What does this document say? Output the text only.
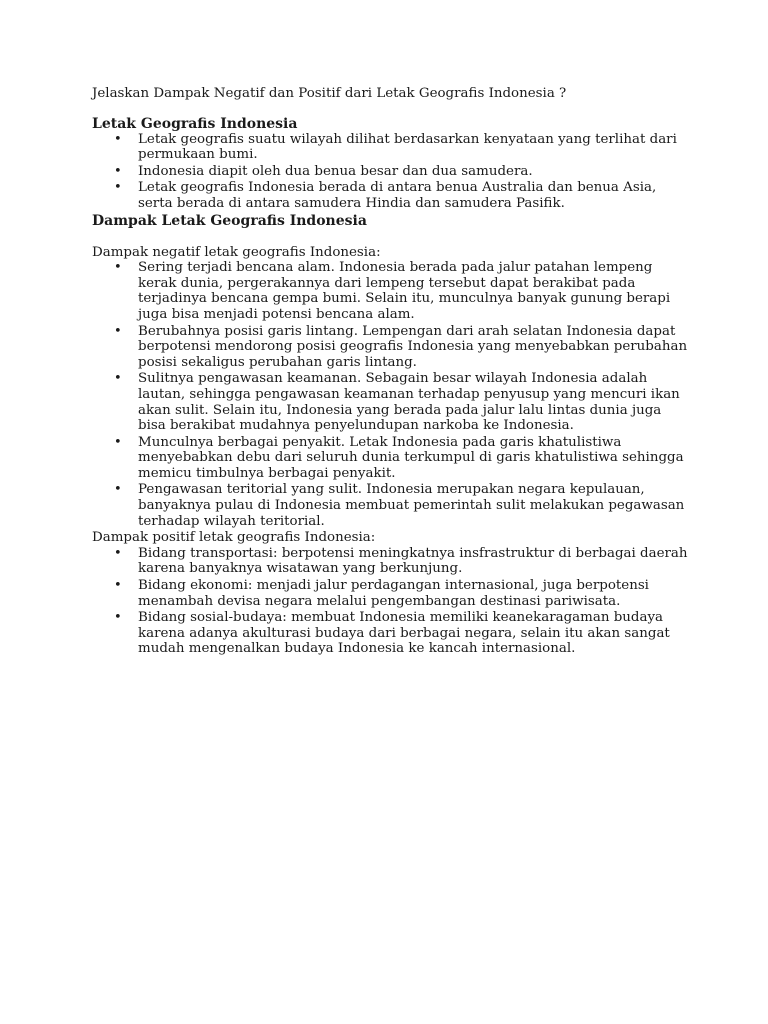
Jelaskan Dampak Negatif dan Positif dari Letak Geografis Indonesia ?

Letak Geografis Indonesia
• Letak geografis suatu wilayah dilihat berdasarkan kenyataan yang terlihat dari permukaan bumi.
• Indonesia diapit oleh dua benua besar dan dua samudera.
• Letak geografis Indonesia berada di antara benua Australia dan benua Asia, serta berada di antara samudera Hindia dan samudera Pasifik.
Dampak Letak Geografis Indonesia

Dampak negatif letak geografis Indonesia:

• Sering terjadi bencana alam. Indonesia berada pada jalur patahan lempeng kerak dunia, pergerakannya dari lempeng tersebut dapat berakibat pada terjadinya bencana gempa bumi. Selain itu, munculnya banyak gunung berapi juga bisa menjadi potensi bencana alam.
• Berubahnya posisi garis lintang. Lempengan dari arah selatan Indonesia dapat berpotensi mendorong posisi geografis Indonesia yang menyebabkan perubahan posisi sekaligus perubahan garis lintang.
• Sulitnya pengawasan keamanan. Sebagain besar wilayah Indonesia adalah lautan, sehingga pengawasan keamanan terhadap penyusup yang mencuri ikan akan sulit. Selain itu, Indonesia yang berada pada jalur lalu lintas dunia juga bisa berakibat mudahnya penyelundupan narkoba ke Indonesia.
• Munculnya berbagai penyakit. Letak Indonesia pada garis khatulistiwa menyebabkan debu dari seluruh dunia terkumpul di garis khatulistiwa sehingga memicu timbulnya berbagai penyakit.
• Pengawasan teritorial yang sulit. Indonesia merupakan negara kepulauan, banyaknya pulau di Indonesia membuat pemerintah sulit melakukan pegawasan terhadap wilayah teritorial.

Dampak positif letak geografis Indonesia:

• Bidang transportasi: berpotensi meningkatnya insfrastruktur di berbagai daerah karena banyaknya wisatawan yang berkunjung.
• Bidang ekonomi: menjadi jalur perdagangan internasional, juga berpotensi menambah devisa negara melalui pengembangan destinasi pariwisata.
• Bidang sosial-budaya: membuat Indonesia memiliki keanekaragaman budaya karena adanya akulturasi budaya dari berbagai negara, selain itu akan sangat mudah mengenalkan budaya Indonesia ke kancah internasional.
